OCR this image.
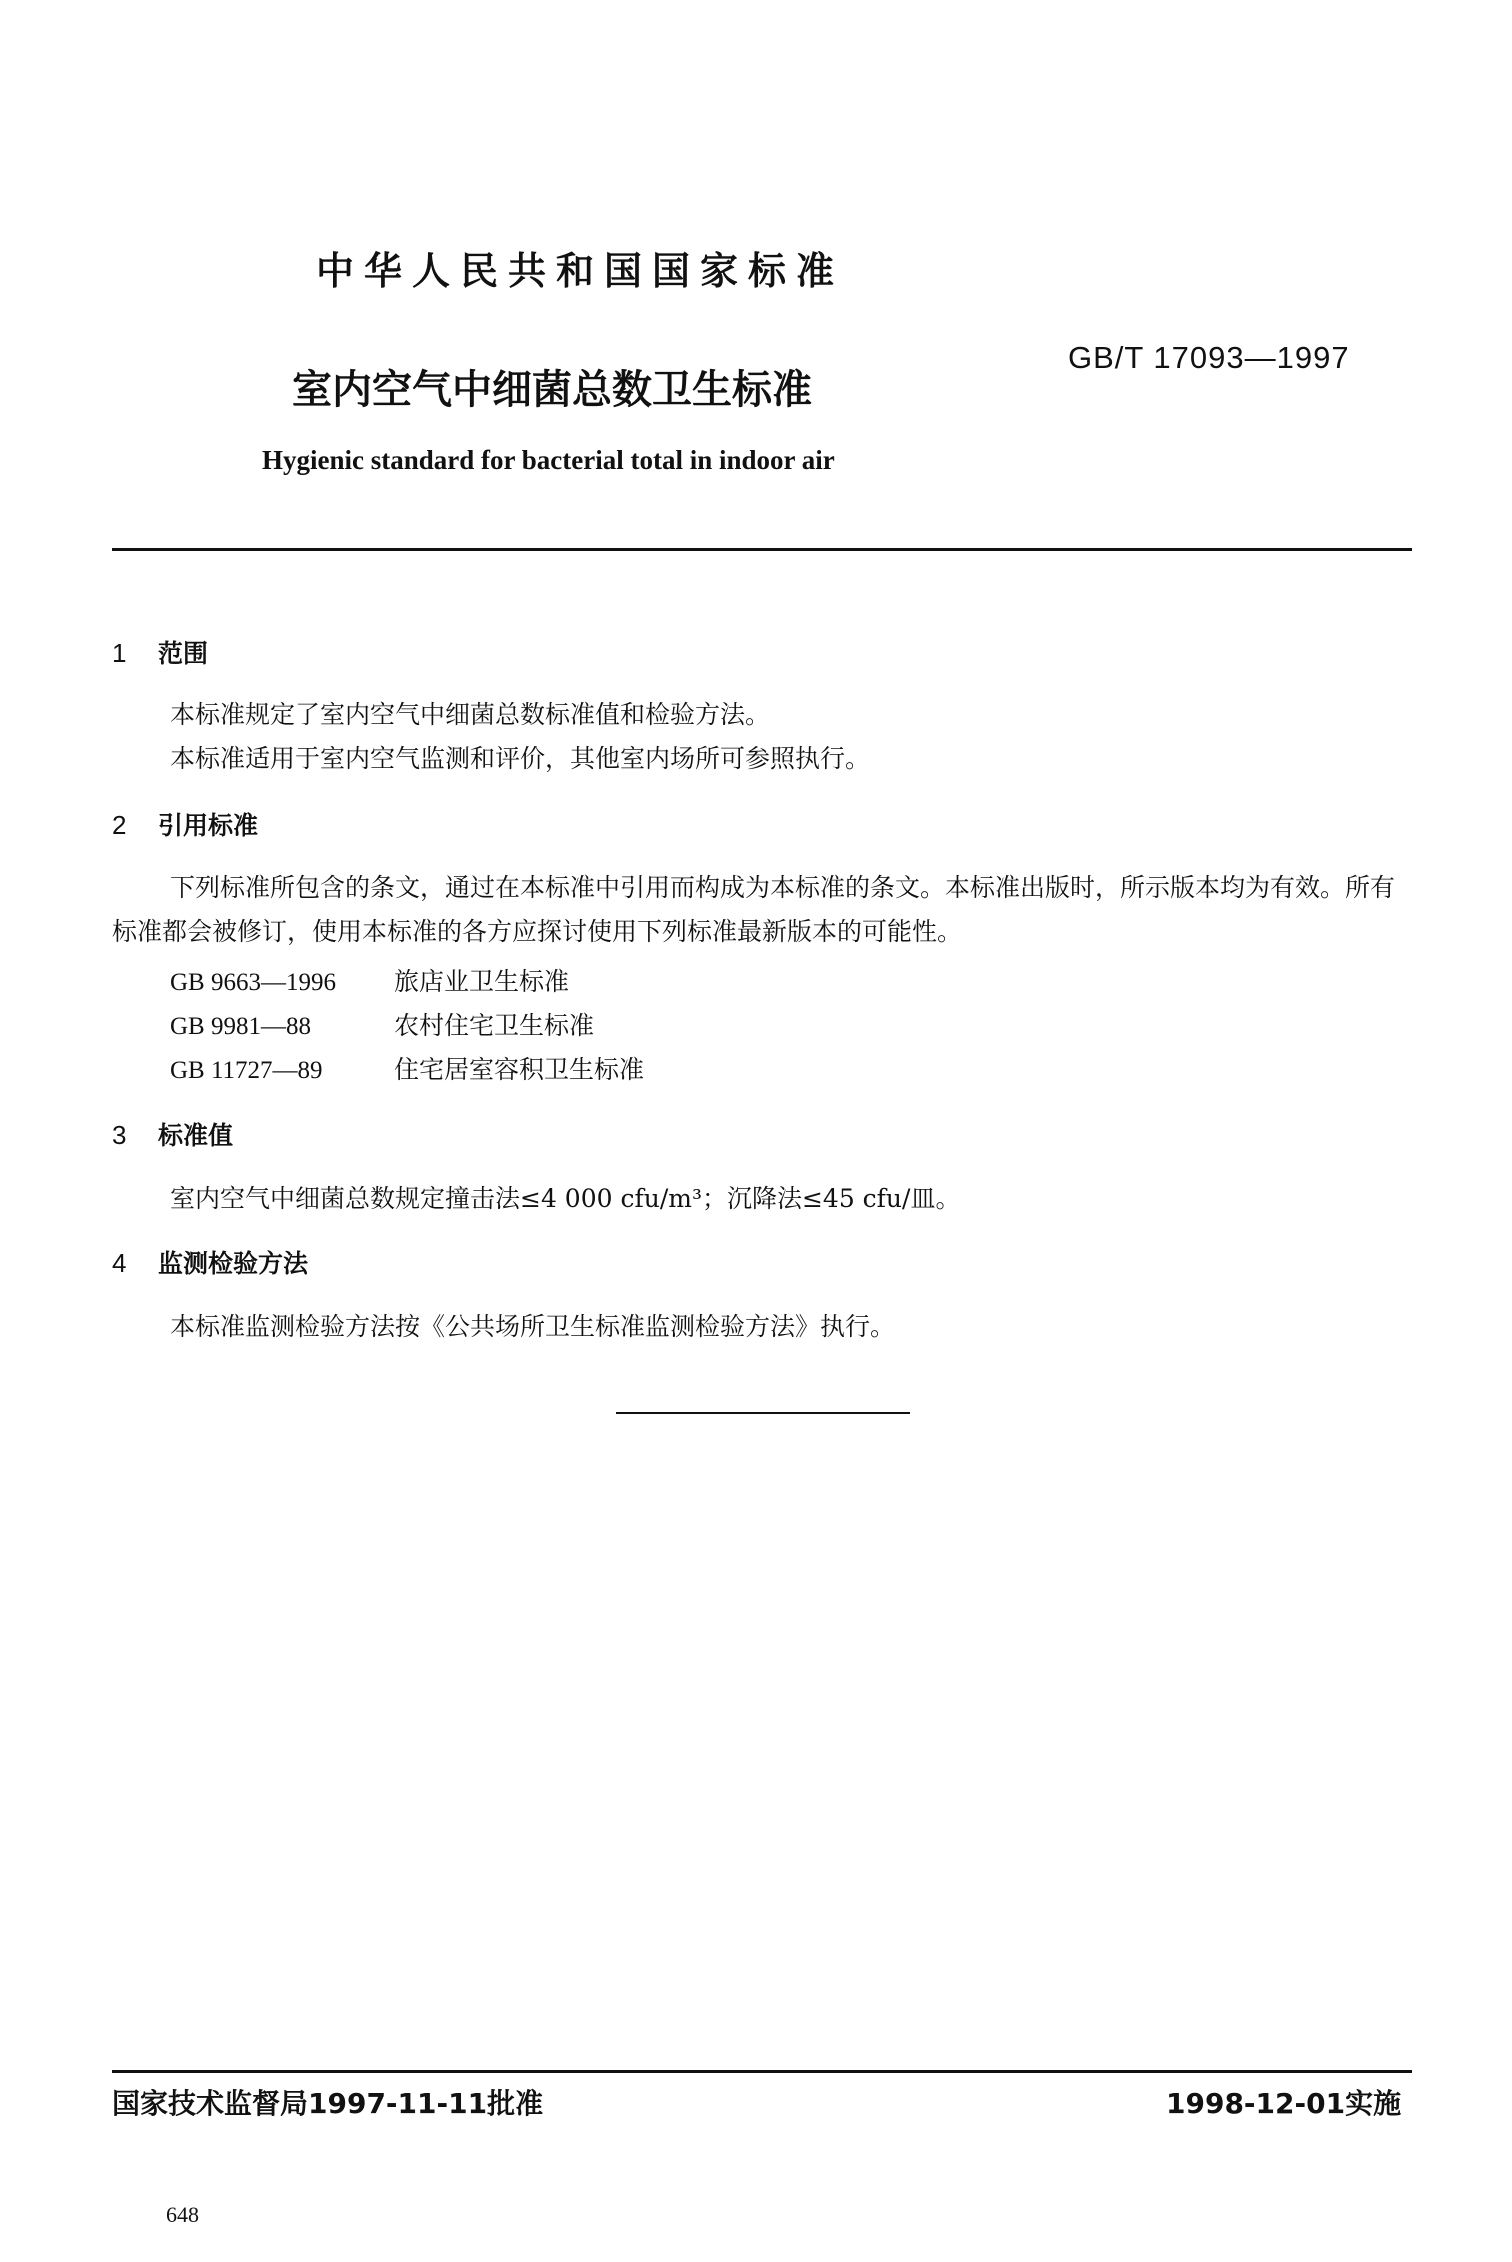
中华人民共和国国家标准
GB/T 17093—1997
室内空气中细菌总数卫生标准
Hygienic standard for bacterial total in indoor air
1 范围
本标准规定了室内空气中细菌总数标准值和检验方法。
本标准适用于室内空气监测和评价，其他室内场所可参照执行。
2 引用标准
下列标准所包含的条文，通过在本标准中引用而构成为本标准的条文。本标准出版时，所示版本均为有效。所有标准都会被修订，使用本标准的各方应探讨使用下列标准最新版本的可能性。
GB 9663—1996 旅店业卫生标准
GB 9981—88	农村住宅卫生标准
GB 11727—89	住宅居室容积卫生标准
3 标准值
室内空气中细菌总数规定撞击法≤4 000 cfu/m³；沉降法≤45 cfu/皿。
4 监测检验方法
本标准监测检验方法按《公共场所卫生标准监测检验方法》执行。
国家技术监督局1997-11-11批准	1998-12-01实施
648
